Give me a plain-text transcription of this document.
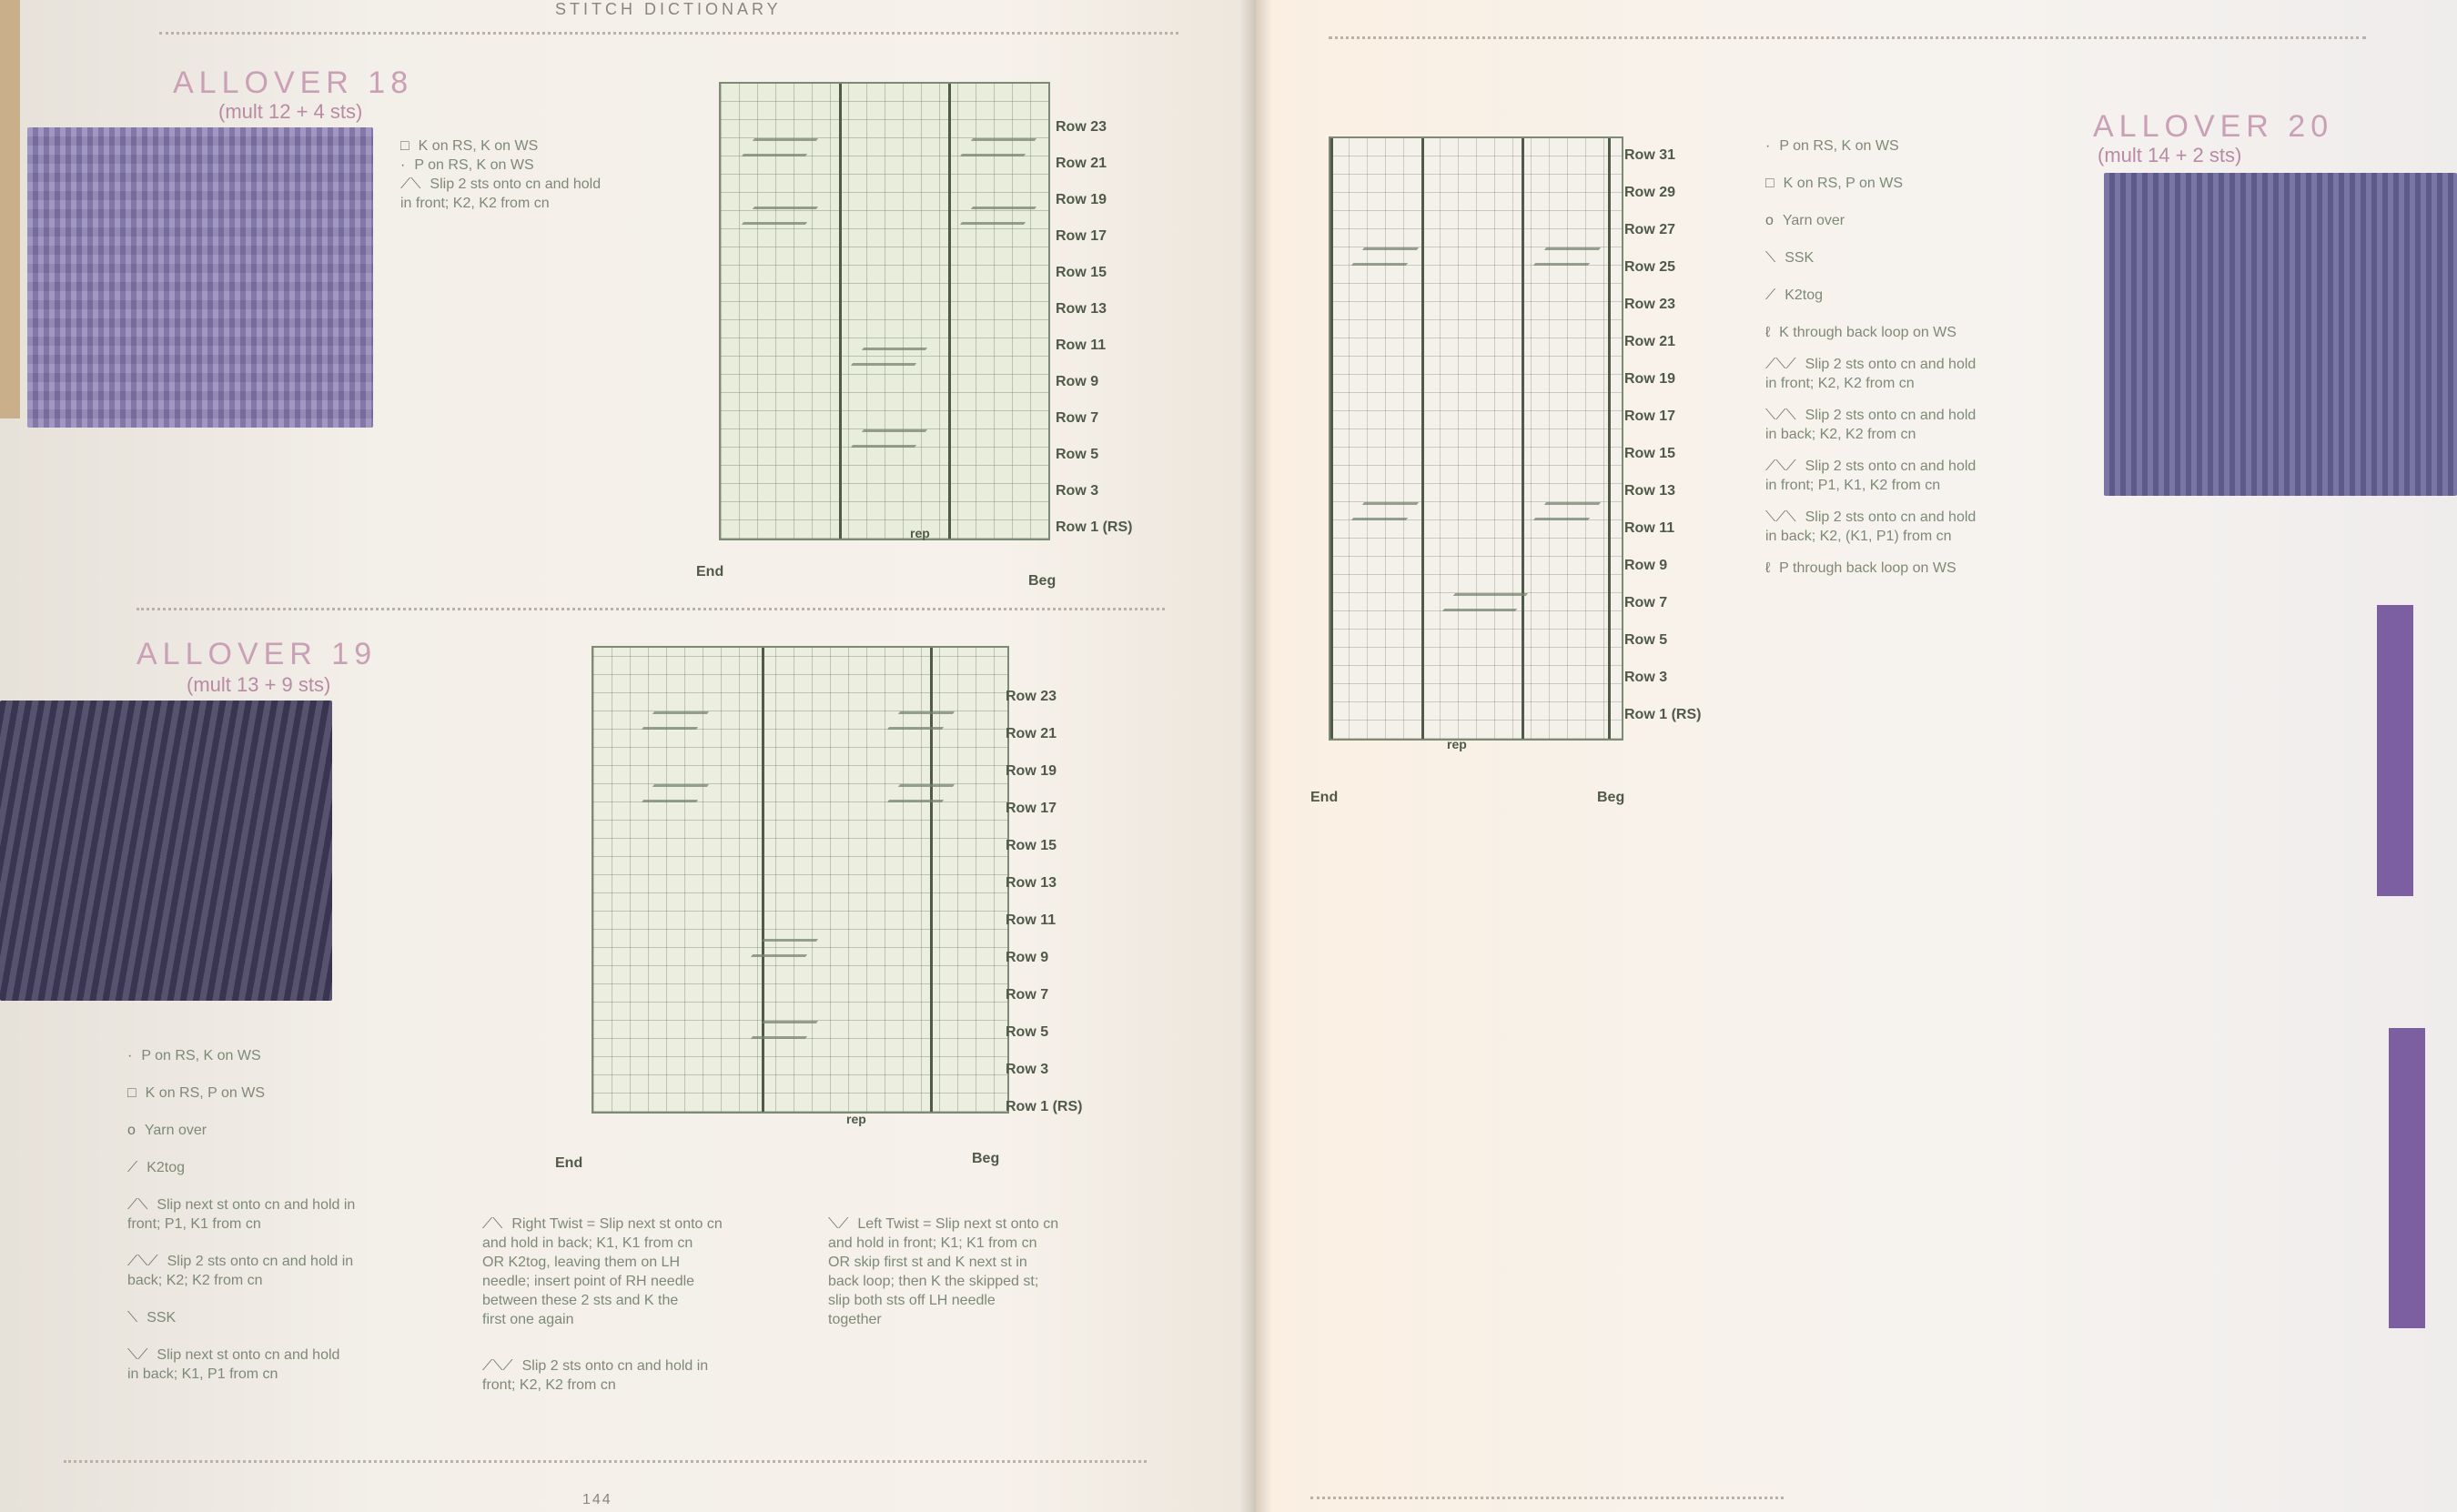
STITCH DICTIONARY
ALLOVER 18
(mult 12 + 4 sts)
□ K on RS, K on WS
· P on RS, K on WS
⟋⟍ Slip 2 sts onto cn and hold
in front; K2, K2 from cn
Row 23
Row 21
Row 19
Row 17
Row 15
Row 13
Row 11
Row 9
Row 7
Row 5
Row 3
Row 1 (RS)
rep
End
Beg
ALLOVER 19
(mult 13 + 9 sts)
Row 23
Row 21
Row 19
Row 17
Row 15
Row 13
Row 11
Row 9
Row 7
Row 5
Row 3
Row 1 (RS)
rep
End	Beg
· P on RS, K on WS
□ K on RS, P on WS
o Yarn over
⟋ K2tog
⟋⟍ Slip next st onto cn and hold in
front; P1, K1 from cn
⟋⟍⟋ Slip 2 sts onto cn and hold in
back; K2; K2 from cn
⟍ SSK
⟍⟋ Slip next st onto cn and hold
in back; K1, P1 from cn
⟋⟍ Right Twist = Slip next st onto cn
and hold in back; K1, K1 from cn
OR K2tog, leaving them on LH
needle; insert point of RH needle
between these 2 sts and K the
first one again
⟋⟍⟋ Slip 2 sts onto cn and hold in
front; K2, K2 from cn
⟍⟋ Left Twist = Slip next st onto cn
and hold in front; K1; K1 from cn
OR skip first st and K next st in
back loop; then K the skipped st;
slip both sts off LH needle
together
144
Row 31
Row 29
Row 27
Row 25
Row 23
Row 21
Row 19
Row 17
Row 15
Row 13
Row 11
Row 9
Row 7
Row 5
Row 3
Row 1 (RS)
rep
End	Beg
· P on RS, K on WS
□ K on RS, P on WS
o Yarn over
⟍ SSK
⟋ K2tog
ℓ K through back loop on WS
⟋⟍⟋ Slip 2 sts onto cn and hold
in front; K2, K2 from cn
⟍⟋⟍ Slip 2 sts onto cn and hold
in back; K2, K2 from cn
⟋⟍⟋ Slip 2 sts onto cn and hold
in front; P1, K1, K2 from cn
⟍⟋⟍ Slip 2 sts onto cn and hold
in back; K2, (K1, P1) from cn
ℓ P through back loop on WS
ALLOVER 20
(mult 14 + 2 sts)
